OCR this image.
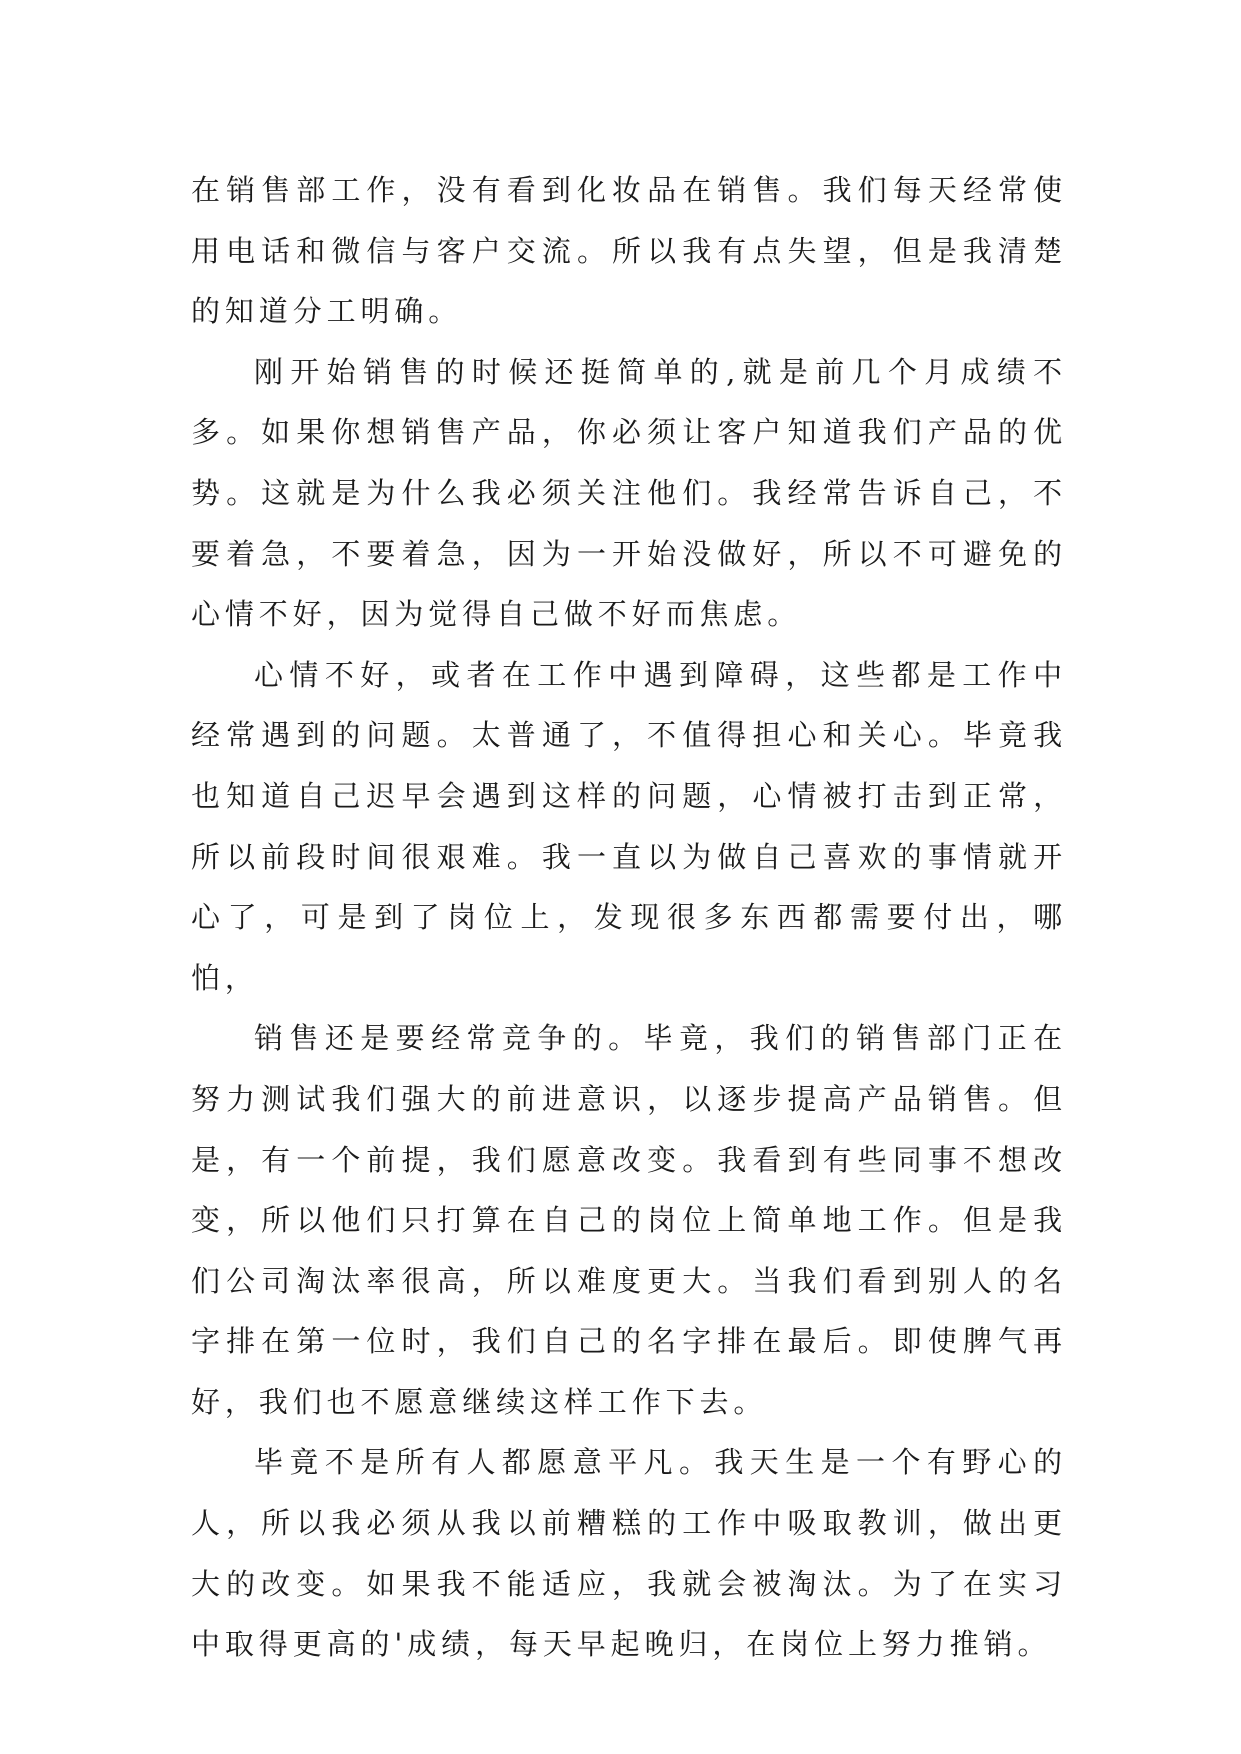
在销售部工作，没有看到化妆品在销售。我们每天经常使用电话和微信与客户交流。所以我有点失望，但是我清楚的知道分工明确。

刚开始销售的时候还挺简单的,就是前几个月成绩不多。如果你想销售产品，你必须让客户知道我们产品的优势。这就是为什么我必须关注他们。我经常告诉自己，不要着急，不要着急，因为一开始没做好，所以不可避免的心情不好，因为觉得自己做不好而焦虑。

心情不好，或者在工作中遇到障碍，这些都是工作中经常遇到的问题。太普通了，不值得担心和关心。毕竟我也知道自己迟早会遇到这样的问题，心情被打击到正常，所以前段时间很艰难。我一直以为做自己喜欢的事情就开心了，可是到了岗位上，发现很多东西都需要付出，哪怕，

销售还是要经常竞争的。毕竟，我们的销售部门正在努力测试我们强大的前进意识，以逐步提高产品销售。但是，有一个前提，我们愿意改变。我看到有些同事不想改变，所以他们只打算在自己的岗位上简单地工作。但是我们公司淘汰率很高，所以难度更大。当我们看到别人的名字排在第一位时，我们自己的名字排在最后。即使脾气再好，我们也不愿意继续这样工作下去。

毕竟不是所有人都愿意平凡。我天生是一个有野心的人，所以我必须从我以前糟糕的工作中吸取教训，做出更大的改变。如果我不能适应，我就会被淘汰。为了在实习中取得更高的'成绩，每天早起晚归，在岗位上努力推销。
